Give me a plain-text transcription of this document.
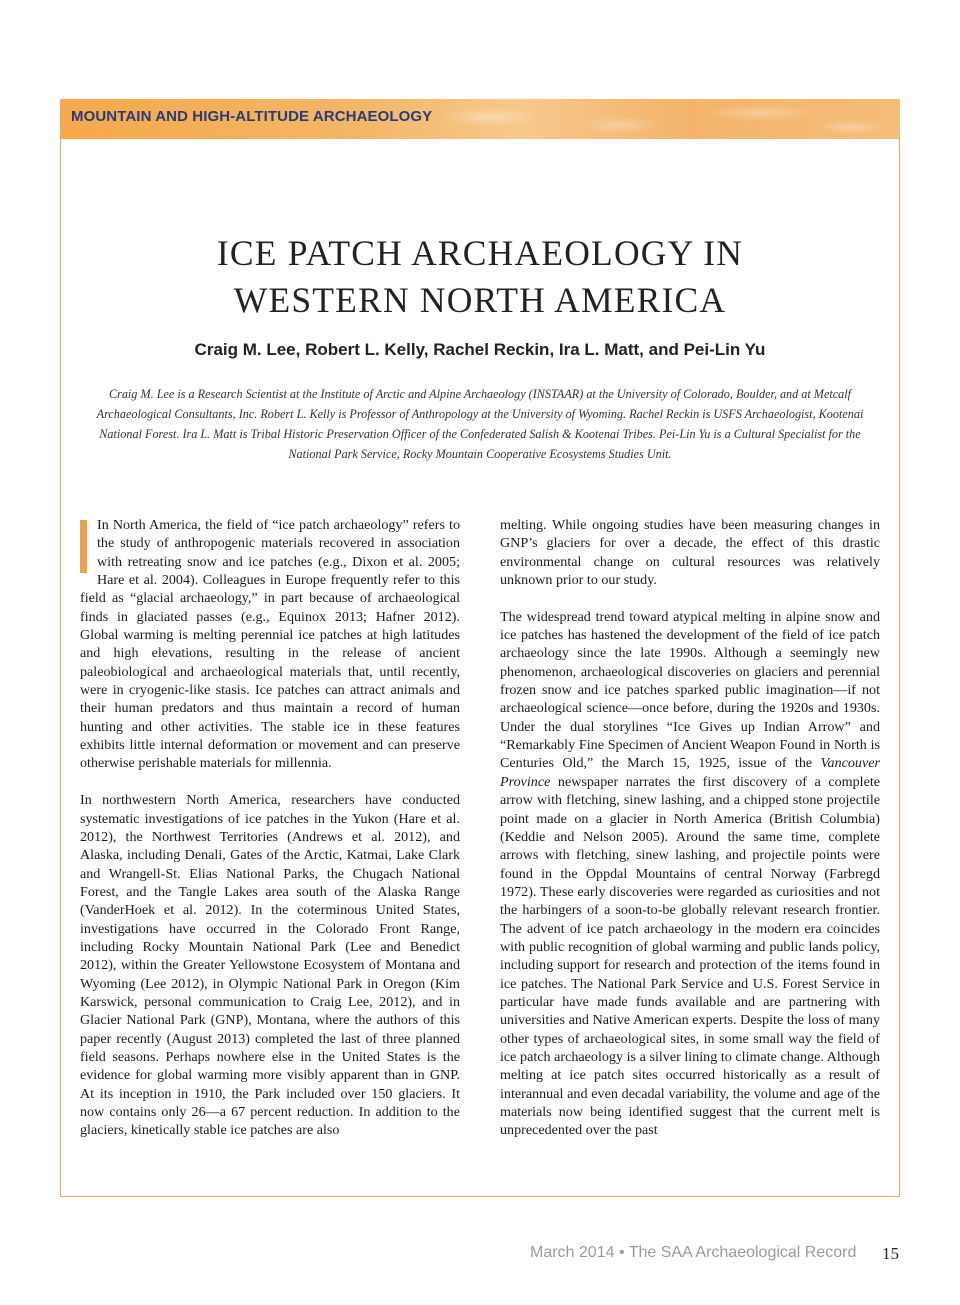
MOUNTAIN AND HIGH-ALTITUDE ARCHAEOLOGY
ICE PATCH ARCHAEOLOGY IN
WESTERN NORTH AMERICA
Craig M. Lee, Robert L. Kelly, Rachel Reckin, Ira L. Matt, and Pei-Lin Yu
Craig M. Lee is a Research Scientist at the Institute of Arctic and Alpine Archaeology (INSTAAR) at the University of Colorado, Boulder, and at Metcalf Archaeological Consultants, Inc. Robert L. Kelly is Professor of Anthropology at the University of Wyoming. Rachel Reckin is USFS Archaeologist, Kootenai National Forest. Ira L. Matt is Tribal Historic Preservation Officer of the Confederated Salish & Kootenai Tribes. Pei-Lin Yu is a Cultural Specialist for the National Park Service, Rocky Mountain Cooperative Ecosystems Studies Unit.

In North America, the field of “ice patch archaeology” refers to the study of anthropogenic materials recovered in association with retreating snow and ice patches (e.g., Dixon et al. 2005; Hare et al. 2004). Colleagues in Europe frequently refer to this field as “glacial archaeology,” in part because of archaeological finds in glaciated passes (e.g., Equinox 2013; Hafner 2012). Global warming is melting perennial ice patches at high latitudes and high elevations, resulting in the release of ancient paleobiological and archaeological materials that, until recently, were in cryogenic-like stasis. Ice patches can attract animals and their human predators and thus maintain a record of human hunting and other activities. The stable ice in these features exhibits little internal deformation or movement and can preserve otherwise perishable materials for millennia.

In northwestern North America, researchers have conducted systematic investigations of ice patches in the Yukon (Hare et al. 2012), the Northwest Territories (Andrews et al. 2012), and Alaska, including Denali, Gates of the Arctic, Katmai, Lake Clark and Wrangell-St. Elias National Parks, the Chugach National Forest, and the Tangle Lakes area south of the Alaska Range (VanderHoek et al. 2012). In the coterminous United States, investigations have occurred in the Colorado Front Range, including Rocky Mountain National Park (Lee and Benedict 2012), within the Greater Yellowstone Ecosystem of Montana and Wyoming (Lee 2012), in Olympic National Park in Oregon (Kim Karswick, personal communication to Craig Lee, 2012), and in Glacier National Park (GNP), Montana, where the authors of this paper recently (August 2013) completed the last of three planned field seasons. Perhaps nowhere else in the United States is the evidence for global warming more visibly apparent than in GNP. At its inception in 1910, the Park included over 150 glaciers. It now contains only 26—a 67 percent reduction. In addition to the glaciers, kinetically stable ice patches are also

melting. While ongoing studies have been measuring changes in GNP’s glaciers for over a decade, the effect of this drastic environmental change on cultural resources was relatively unknown prior to our study.

The widespread trend toward atypical melting in alpine snow and ice patches has hastened the development of the field of ice patch archaeology since the late 1990s. Although a seemingly new phenomenon, archaeological discoveries on glaciers and perennial frozen snow and ice patches sparked public imagination—if not archaeological science—once before, during the 1920s and 1930s. Under the dual storylines “Ice Gives up Indian Arrow” and “Remarkably Fine Specimen of Ancient Weapon Found in North is Centuries Old,” the March 15, 1925, issue of the Vancouver Province newspaper narrates the first discovery of a complete arrow with fletching, sinew lashing, and a chipped stone projectile point made on a glacier in North America (British Columbia) (Keddie and Nelson 2005). Around the same time, complete arrows with fletching, sinew lashing, and projectile points were found in the Oppdal Mountains of central Norway (Farbregd 1972). These early discoveries were regarded as curiosities and not the harbingers of a soon-to-be globally relevant research frontier. The advent of ice patch archaeology in the modern era coincides with public recognition of global warming and public lands policy, including support for research and protection of the items found in ice patches. The National Park Service and U.S. Forest Service in particular have made funds available and are partnering with universities and Native American experts. Despite the loss of many other types of archaeological sites, in some small way the field of ice patch archaeology is a silver lining to climate change. Although melting at ice patch sites occurred historically as a result of interannual and even decadal variability, the volume and age of the materials now being identified suggest that the current melt is unprecedented over the past

March 2014 • The SAA Archaeological Record 15
